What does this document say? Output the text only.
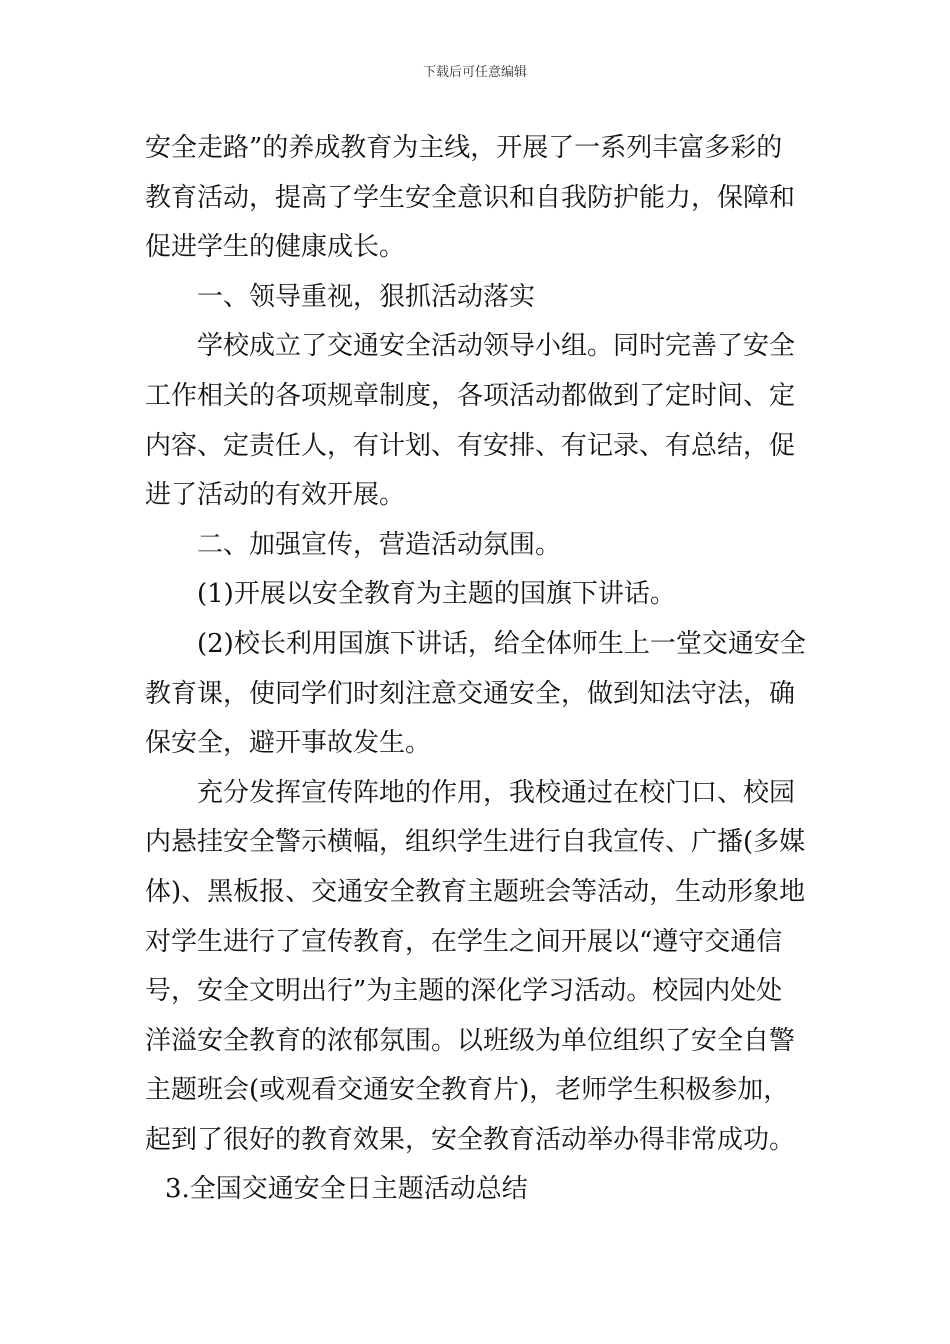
下载后可任意编辑
安全走路”的养成教育为主线，开展了一系列丰富多彩的
教育活动，提高了学生安全意识和自我防护能力，保障和
促进学生的健康成长。
一、领导重视，狠抓活动落实
学校成立了交通安全活动领导小组。同时完善了安全
工作相关的各项规章制度，各项活动都做到了定时间、定
内容、定责任人，有计划、有安排、有记录、有总结，促
进了活动的有效开展。
二、加强宣传，营造活动氛围。
(1)开展以安全教育为主题的国旗下讲话。
(2)校长利用国旗下讲话，给全体师生上一堂交通安全
教育课，使同学们时刻注意交通安全，做到知法守法，确
保安全，避开事故发生。
充分发挥宣传阵地的作用，我校通过在校门口、校园
内悬挂安全警示横幅，组织学生进行自我宣传、广播(多媒
体)、黑板报、交通安全教育主题班会等活动，生动形象地
对学生进行了宣传教育，在学生之间开展以“遵守交通信
号，安全文明出行”为主题的深化学习活动。校园内处处
洋溢安全教育的浓郁氛围。以班级为单位组织了安全自警
主题班会(或观看交通安全教育片)，老师学生积极参加，
起到了很好的教育效果，安全教育活动举办得非常成功。
3.全国交通安全日主题活动总结
